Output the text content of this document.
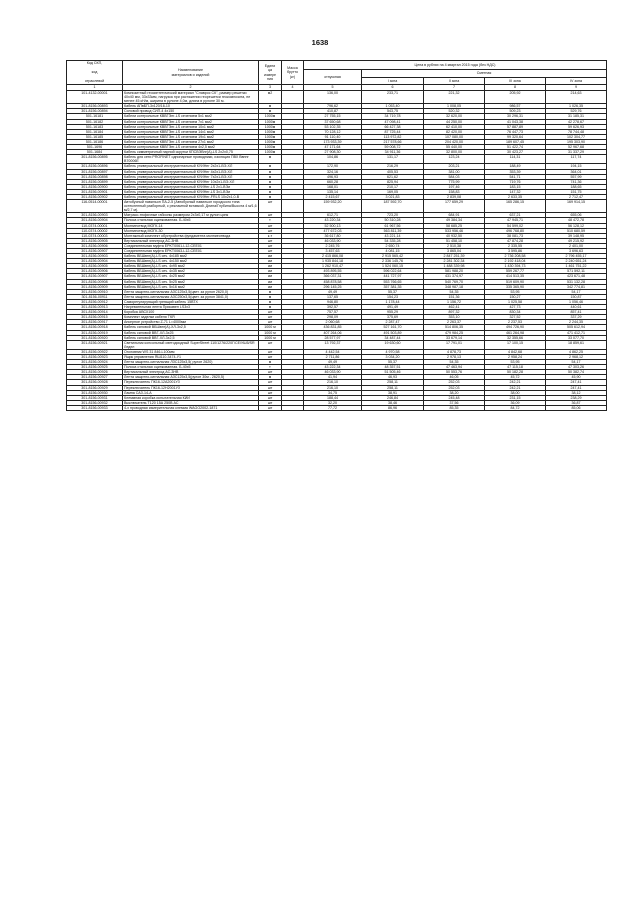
1638
Код СКП,

код

отраслевой	Наименование
материалов и изделий	Едини
ца
измере
ния	Масса
брутто
(кг)	Цена в рублях на 4 квартал 2015 года (без НДС)				
				отпускная	Сметная			
					I зона	II зона	III зона	IV зона
1	2	3	4	5	6	7	8	9
101-4132-00001	Композитный геосинтетический материал "Славрос СК", размер решетки 40х40 мм, 33х33мм, нагрузка при растяжении георешетки геокомпозита, не менее 45 кН/м, ширина в рулоне 4,0м, длина в рулоне 30 м.	м2		136,00	233,71	221,32	205,92	214,63
301-8156-00893	Кабель АПвБП-3х120/16-10	м		796,62	1 053,40	1 008,05	986,57	1 026,35
301-8156-00894	Силовой провод СИП-4 4х150	м		410,87	543,75	520,32	509,23	529,76
501-16181	Кабели контрольные КВВГЭнг-LS сечением 5х1 мм2	1000м		27 755,15	34 719,78	32 620,00	30 296,31	31 185,31
501-16182	Кабели контрольные КВВГЭнг-LS сечением 7х1 мм2	1000м		37 650,68	47 098,41	44 250,00	41 043,38	42 278,67
501-16183	Кабели контрольные КВВГЭнг-LS сечением 10х1 мм2	1000м		53 102,35	66 427,38	62 410,00	57 887,89	59 626,93
501-16184	Кабели контрольные КВВГЭнг-LS сечением 14х1 мм2	1000м		70 128,12	87 725,44	82 420,00	76 447,73	78 744,48
501-16185	Кабели контрольные КВВГЭнг-LS сечением 19х1 мм2	1000м		91 110,40	113 972,82	107 080,00	99 320,64	102 304,77
501-16186	Кабели контрольные КВВГЭнг-LS сечением 27х1 мм2	1000м		173 933,39	217 578,66	204 420,00	189 607,45	195 303,90
501-1696	Кабели контрольные КВВГЭнг-LS сечением 4х2,5 мм2	1000м		47 171,64	59 008,72	55 440,00	51 422,74	52 967,68
501-1684	Кабель симметричный парной скрутки КПСВЭВнг(А)-LS 2х2х0,75	1000м		27 908,30	34 911,36	32 800,00	30 423,27	31 337,29
301-8156-00895	Кабель для сети PROFINET однопарные проводники, изоляция ПВХ Ввпнг В70006Е	м		104,86	131,17	123,24	114,31	117,74
301-8156-00896	Кабель универсальный инструментальный КУИНнг 2х2х1-ВЭ-ХЛ	м		172,90	216,29	203,21	188,49	194,15
301-8156-00897	Кабель универсальный инструментальный КУИНнг 4х2х1-ВЭ-ХЛ	м		324,16	405,53	381,00	353,39	364,01
301-8156-00898	Кабель универсальный инструментальный КУИНнг 7х2х1-ВЭ-ХЛ	м		496,93	621,62	584,03	541,71	557,99
301-8156-00899	Кабель универсальный инструментальный КУИНнг 10х2х1-ВЭ-ХЛ	м		660,28	825,94	775,99	719,76	741,36
301-8156-00900	Кабель универсальный инструментальный КУИНнг-LS 2х1-ВЭи	м		168,01	210,17	197,46	183,15	188,65
301-8156-00901	Кабель универсальный инструментальный КУИНнг-LS 3х1-ВЭи	м		135,14	169,05	158,83	147,32	151,75
301-8156-00902	Кабель универсальный инструментальный КУИНнг-FRLS 10х2х1,0-В	м		2 415,67	3 021,83	2 839,08	2 633,35	2 712,47
116-0514-00001	Автобусный павильон ПА-2-5 (Автобусный павильон городского типа остекленный разборный, с рекламной вставкой. Длина/Глубина/Высота 4 м/1,6 м/2,7 м).	шт		159 932,20	187 592,70	177 659,29	165 286,15	169 914,15
301-8156-00903	Матрасо-тюфячные габионы размером 2х3х0,17 м рулон цинк	шт		612,71	723,20	684,91	637,21	655,06
301-8156-00904	Полоса стальная оцинкованная. Б-40х5	т		43 220,34	50 310,28	49 384,34	47 945,71	48 472,78
110-0374-00001	Молниеотвод МОГК-14	шт		52 500,13	61 967,56	58 685,25	54 599,02	56 128,12
110-0374-00002	Молниеотвод МОГК-30	шт		477 672,03	563 811,39	533 956,46	496 768,80	510 680,59
110-0374-00003	Монтажный комплект обустройства фундамента молниеотвода	к-т		36 617,80	43 221,14	40 932,50	38 081,73	39 148,95
301-8156-00905	Вертикальный электрод АС-3НВ	шт		46 033,90	54 335,28	51 458,10	47 874,28	49 215,92
301-8156-00906	Соединительная муфта EPKT0061-L12-CEE01	шт		2 245,76	2 650,74	2 510,38	2 335,55	2 401,00
301-8156-00907	Соединительная муфта EPKT0063-L12-CEE01	шт		3 457,63	4 081,15	3 865,04	3 595,86	3 696,63
301-8156-00903	Кабель ВБШвнг(А)-LS сеч. 4х185 мм2	км		2 415 866,08	2 915 565,42	2 847 251,39	2 736 208,58	2 796 455,17
301-8156-00904	Кабель ВБШвнг(А)-LS сеч. 4х150 мм2	км		1 935 844,18	2 336 145,76	2 281 302,34	2 192 418,04	2 240 651,24
301-8156-00905	Кабель ВБШвнг(А)-LS сеч. 4х95 мм2	км		1 262 910,47	1 524 060,15	1 488 339,98	1 430 394,73	1 461 751,22
301-8156-00906	Кабель ВБШвнг(А)-LS сеч. 4х35 мм2	км		493 895,55	596 022,64	581 988,20	559 267,77	571 592,11
301-8156-00907	Кабель ВБШвнг(А)-LS сеч. 4х25 мм2	км		366 037,31	441 727,97	431 374,97	414 513,35	423 671,48
301-8156-00908	Кабель ВБШвнг(А)-LS сеч. 5х25 мм2	км		458 878,58	553 766,65	540 769,70	519 609,90	531 132,28
301-8156-00909	Кабель ВБШвнг(А)-LS сеч. 5х16 мм2	км		296 145,25	357 381,35	348 987,18	335 365,90	342 774,81
301-8156-00910	Лента защитно-сигнальная АЗС125х3,5(цвет. за рулон 2620,0)	м		49,49	55,37	54,35	53,95	54,17
301-8156-00911	Лента защитно-сигнальная АЗС250х3,5(цвет. за рулон 3841,0)	м		137,65	154,23	151,36	150,27	150,87
301-8156-00912	Саморегулирующий греющий кабель 15ВТХ	м		946,80	1 178,44	1 156,72	1 025,58	1 056,46
301-8156-00913	Нагревательная лента Прикавен LS3х3	м		392,57	491,49	462,41	427,73	440,61
301-8156-00914	Коробка АВСХ100	шт		757,57	955,29	897,32	830,34	857,41
301-8156-00915	Комплект заделки кабеля ТКЯ	шт		298,09	375,69	353,10	327,52	337,29
301-8156-00917	Анкерное устройство Z-71 L=4000мм	шт		2 060,68	2 287,47	2 263,37	2 237,53	2 244,35
301-8156-00918	Кабель силовой ВБШвнг(А)-ХЛ-3х2,5	1000 м		436 831,85	527 161,70	514 806,35	494 726,90	505 612,94
301-8156-00919	Кабель силовой ВВГ-ХЛ-3х25	1000 м		407 264,06	491 503,89	479 984,25	461 264,98	471 412,71
301-8156-00920	Кабель силовой ВВГ-ХЛ-3х2,5	1000 м		28 577,97	34 487,44	33 679,14	32 355,66	33 077,70
301-8156-00921	Светильник консольный светодиодный SuperStreet 110/1276/220Г/СЕ/УШ5/SR Ледел	шт		13 792,37	19 630,60	17 791,01	17 100,15	18 859,61
301-8156-00922	Оголовник WS 31 846-L100мм	шт		4 442,54	4 970,58	4 878,73	4 842,68	4 862,25
301-8156-00923	Ящик управления ЯШ110-3474-У1	шт		2 711,86	3 034,20	2 978,13	2 958,24	2 968,12
301-8156-00924	Лента защитно-сигнальная ЛЗС125х3,5( рулон 2620)	м		49,49	55,37	54,35	53,95	54,17
301-8156-00925	Полоса стальная оцинкованная. Б-40х5	т		43 222,34	48 357,51	47 463,94	47 115,18	47 303,26
301-8156-00926	Вертикальный электрод АС-3НВ	шт		46 033,90	51 505,46	50 553,76	50 182,28	50 382,74
301-8156-00927	Лента защитно-сигнальная АЗС125х3,5(рулон 30м - 2620,5)	м		41,94	46,93	46,05	45,72	45,90
301-8156-00928	Переключатель ПК16-12А2001УЗ	шт		216,10	258,11	252,03	242,21	247,41
301-8156-00929	Переключатель ПК16-12Н2001УЗ	шт		216,10	258,11	252,03	242,21	247,41
301-8156-00930	Лампа САЗ-14-А	шт		34,75	38,91	38,20	38,00	38,12
301-8156-00931	Клеммная коробка испытательная КИИ	шт		188,44	246,84	245,48	231,15	238,29
301-8156-00932	Выключатель Т120 15А 250В АС	шт		32,20	38,46	37,56	36,09	36,87
301-8156-00933	4-х проводная измерительная клемма WAGO2002-1871	шт		77,72	86,96	85,35	84,72	85,06
